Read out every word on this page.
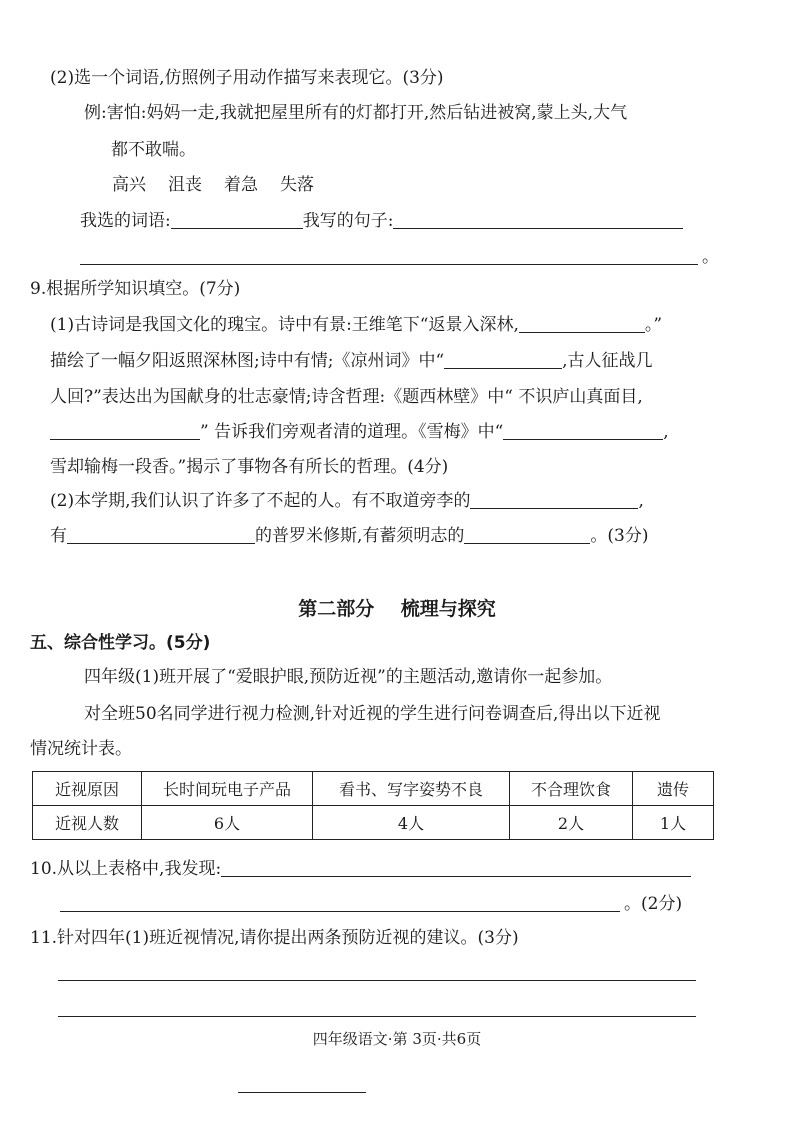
(2)选一个词语,仿照例子用动作描写来表现它。(3分)
例:害怕:妈妈一走,我就把屋里所有的灯都打开,然后钻进被窝,蒙上头,大气
都不敢喘。
高兴 沮丧 着急 失落
我选的词语:	我写的句子:
。
9.根据所学知识填空。(7分)
(1)古诗词是我国文化的瑰宝。诗中有景:王维笔下“返景入深林,	。”
描绘了一幅夕阳返照深林图;诗中有情;《凉州词》中“	,古人征战几
人回?”表达出为国献身的壮志豪情;诗含哲理:《题西林壁》中“ 不识庐山真面目,
” 告诉我们旁观者清的道理。《雪梅》中“	,
雪却输梅一段香。”揭示了事物各有所长的哲理。(4分)
(2)本学期,我们认识了许多了不起的人。有不取道旁李的	,
有	的普罗米修斯,有蓄须明志的	。(3分)
第二部分    梳理与探究
五、综合性学习。(5分)
四年级(1)班开展了“爱眼护眼,预防近视”的主题活动,邀请你一起参加。
对全班50名同学进行视力检测,针对近视的学生进行问卷调查后,得出以下近视
情况统计表。
近视原因	长时间玩电子产品	看书、写字姿势不良	不合理饮食	遗传
近视人数	6人	4人	2人	1人
10.从以上表格中,我发现:
。(2分)
11.针对四年(1)班近视情况,请你提出两条预防近视的建议。(3分)
四年级语文·第 3页·共6页
